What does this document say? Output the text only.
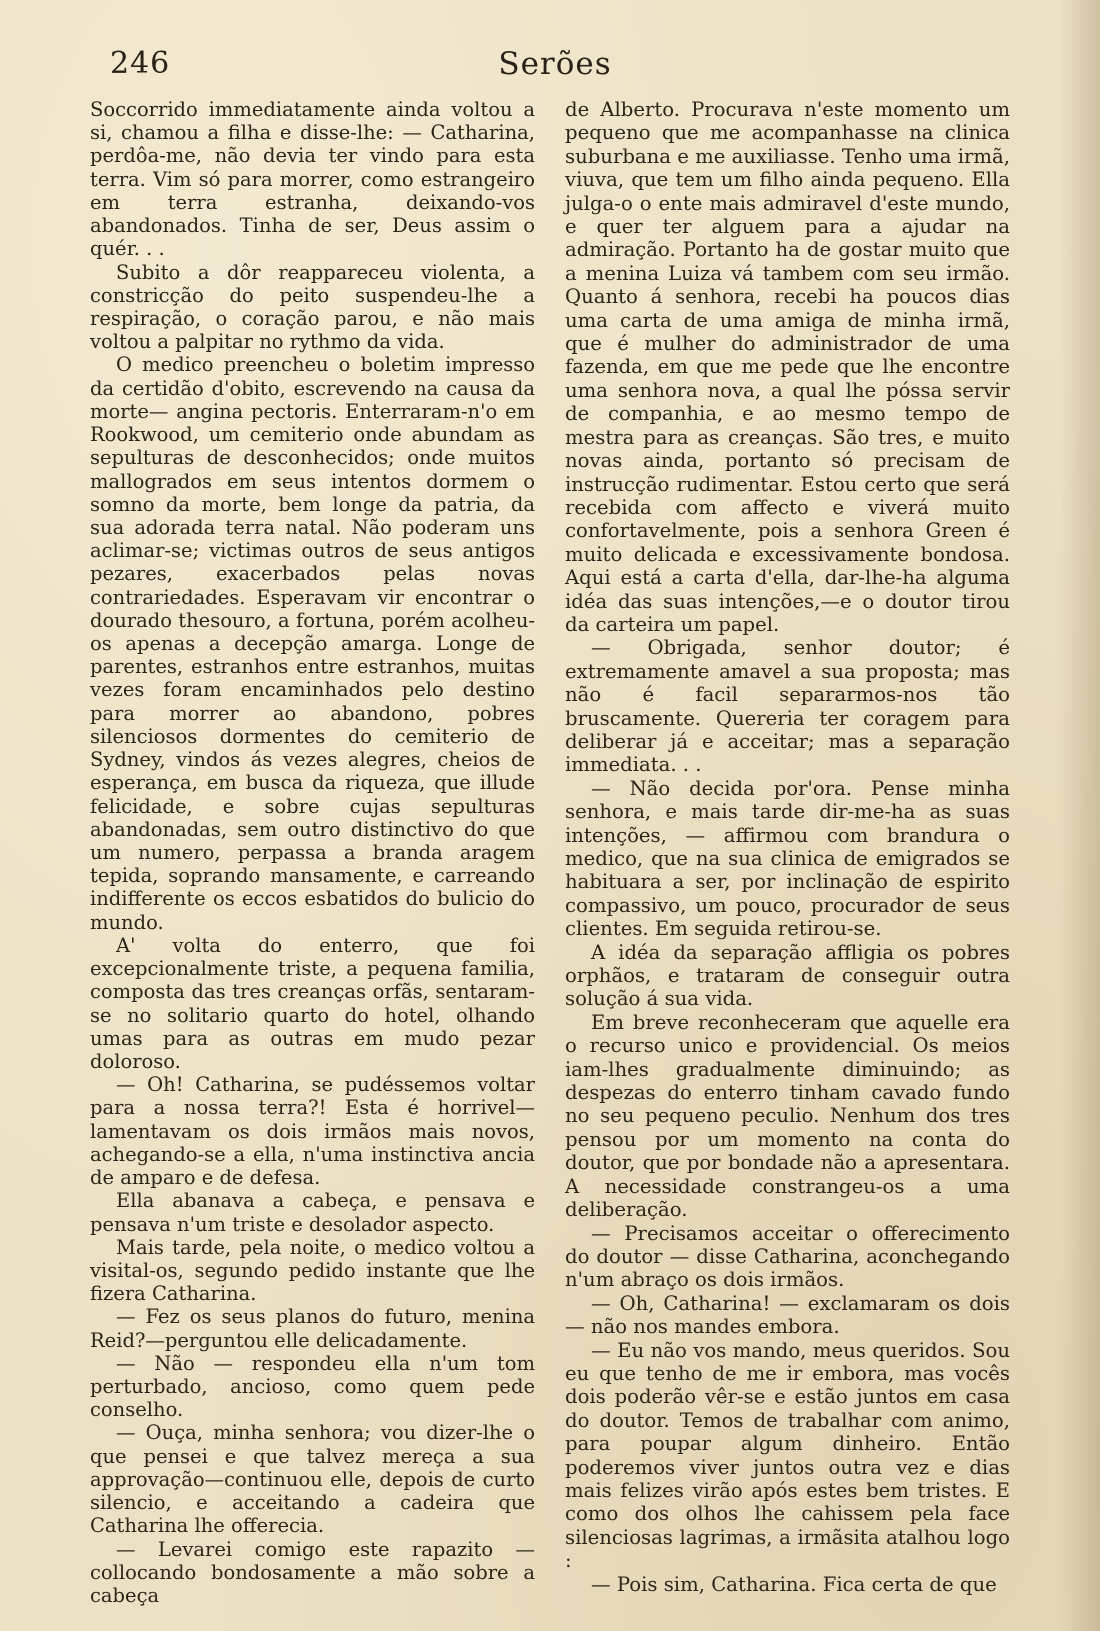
246	Serões

Soccorrido immediatamente ainda voltou a si, chamou a filha e disse-lhe: — Catharina, perdôa-me, não devia ter vindo para esta terra. Vim só para morrer, como estrangeiro em terra estranha, deixando-vos abandonados. Tinha de ser, Deus assim o quér. . .

Subito a dôr reappareceu violenta, a constricção do peito suspendeu-lhe a respiração, o coração parou, e não mais voltou a palpitar no rythmo da vida.

O medico preencheu o boletim impresso da certidão d'obito, escrevendo na causa da morte— angina pectoris. Enterraram-n'o em Rookwood, um cemiterio onde abundam as sepulturas de desconhecidos; onde muitos mallogrados em seus intentos dormem o somno da morte, bem longe da patria, da sua adorada terra natal. Não poderam uns aclimar-se; victimas outros de seus antigos pezares, exacerbados pelas novas contrariedades. Esperavam vir encontrar o dourado thesouro, a fortuna, porém acolheu-os apenas a decepção amarga. Longe de parentes, estranhos entre estranhos, muitas vezes foram encaminhados pelo destino para morrer ao abandono, pobres silenciosos dormentes do cemiterio de Sydney, vindos ás vezes alegres, cheios de esperança, em busca da riqueza, que illude felicidade, e sobre cujas sepulturas abandonadas, sem outro distinctivo do que um numero, perpassa a branda aragem tepida, soprando mansamente, e carreando indifferente os eccos esbatidos do bulicio do mundo.

A' volta do enterro, que foi excepcionalmente triste, a pequena familia, composta das tres creanças orfãs, sentaram-se no solitario quarto do hotel, olhando umas para as outras em mudo pezar doloroso.

— Oh! Catharina, se pudéssemos voltar para a nossa terra?! Esta é horrivel—lamentavam os dois irmãos mais novos, achegando-se a ella, n'uma instinctiva ancia de amparo e de defesa.

Ella abanava a cabeça, e pensava e pensava n'um triste e desolador aspecto.

Mais tarde, pela noite, o medico voltou a visital-os, segundo pedido instante que lhe fizera Catharina.

— Fez os seus planos do futuro, menina Reid?—perguntou elle delicadamente.

— Não — respondeu ella n'um tom perturbado, ancioso, como quem pede conselho.

— Ouça, minha senhora; vou dizer-lhe o que pensei e que talvez mereça a sua approvação—continuou elle, depois de curto silencio, e acceitando a cadeira que Catharina lhe offerecia.

— Levarei comigo este rapazito — collocando bondosamente a mão sobre a cabeça

de Alberto. Procurava n'este momento um pequeno que me acompanhasse na clinica suburbana e me auxiliasse. Tenho uma irmã, viuva, que tem um filho ainda pequeno. Ella julga-o o ente mais admiravel d'este mundo, e quer ter alguem para a ajudar na admiração. Portanto ha de gostar muito que a menina Luiza vá tambem com seu irmão. Quanto á senhora, recebi ha poucos dias uma carta de uma amiga de minha irmã, que é mulher do administrador de uma fazenda, em que me pede que lhe encontre uma senhora nova, a qual lhe póssa servir de companhia, e ao mesmo tempo de mestra para as creanças. São tres, e muito novas ainda, portanto só precisam de instrucção rudimentar. Estou certo que será recebida com affecto e viverá muito confortavelmente, pois a senhora Green é muito delicada e excessivamente bondosa. Aqui está a carta d'ella, dar-lhe-ha alguma idéa das suas intenções,—e o doutor tirou da carteira um papel.

— Obrigada, senhor doutor; é extremamente amavel a sua proposta; mas não é facil separarmos-nos tão bruscamente. Quereria ter coragem para deliberar já e acceitar; mas a separação immediata. . .

— Não decida por'ora. Pense minha senhora, e mais tarde dir-me-ha as suas intenções, — affirmou com brandura o medico, que na sua clinica de emigrados se habituara a ser, por inclinação de espirito compassivo, um pouco, procurador de seus clientes. Em seguida retirou-se.

A idéa da separação affligia os pobres orphãos, e trataram de conseguir outra solução á sua vida.

Em breve reconheceram que aquelle era o recurso unico e providencial. Os meios iam-lhes gradualmente diminuindo; as despezas do enterro tinham cavado fundo no seu pequeno peculio. Nenhum dos tres pensou por um momento na conta do doutor, que por bondade não a apresentara. A necessidade constrangeu-os a uma deliberação.

— Precisamos acceitar o offerecimento do doutor — disse Catharina, aconchegando n'um abraço os dois irmãos.

— Oh, Catharina! — exclamaram os dois — não nos mandes embora.

— Eu não vos mando, meus queridos. Sou eu que tenho de me ir embora, mas vocês dois poderão vêr-se e estão juntos em casa do doutor. Temos de trabalhar com animo, para poupar algum dinheiro. Então poderemos viver juntos outra vez e dias mais felizes virão após estes bem tristes. E como dos olhos lhe cahissem pela face silenciosas lagrimas, a irmãsita atalhou logo :

— Pois sim, Catharina. Fica certa de que
